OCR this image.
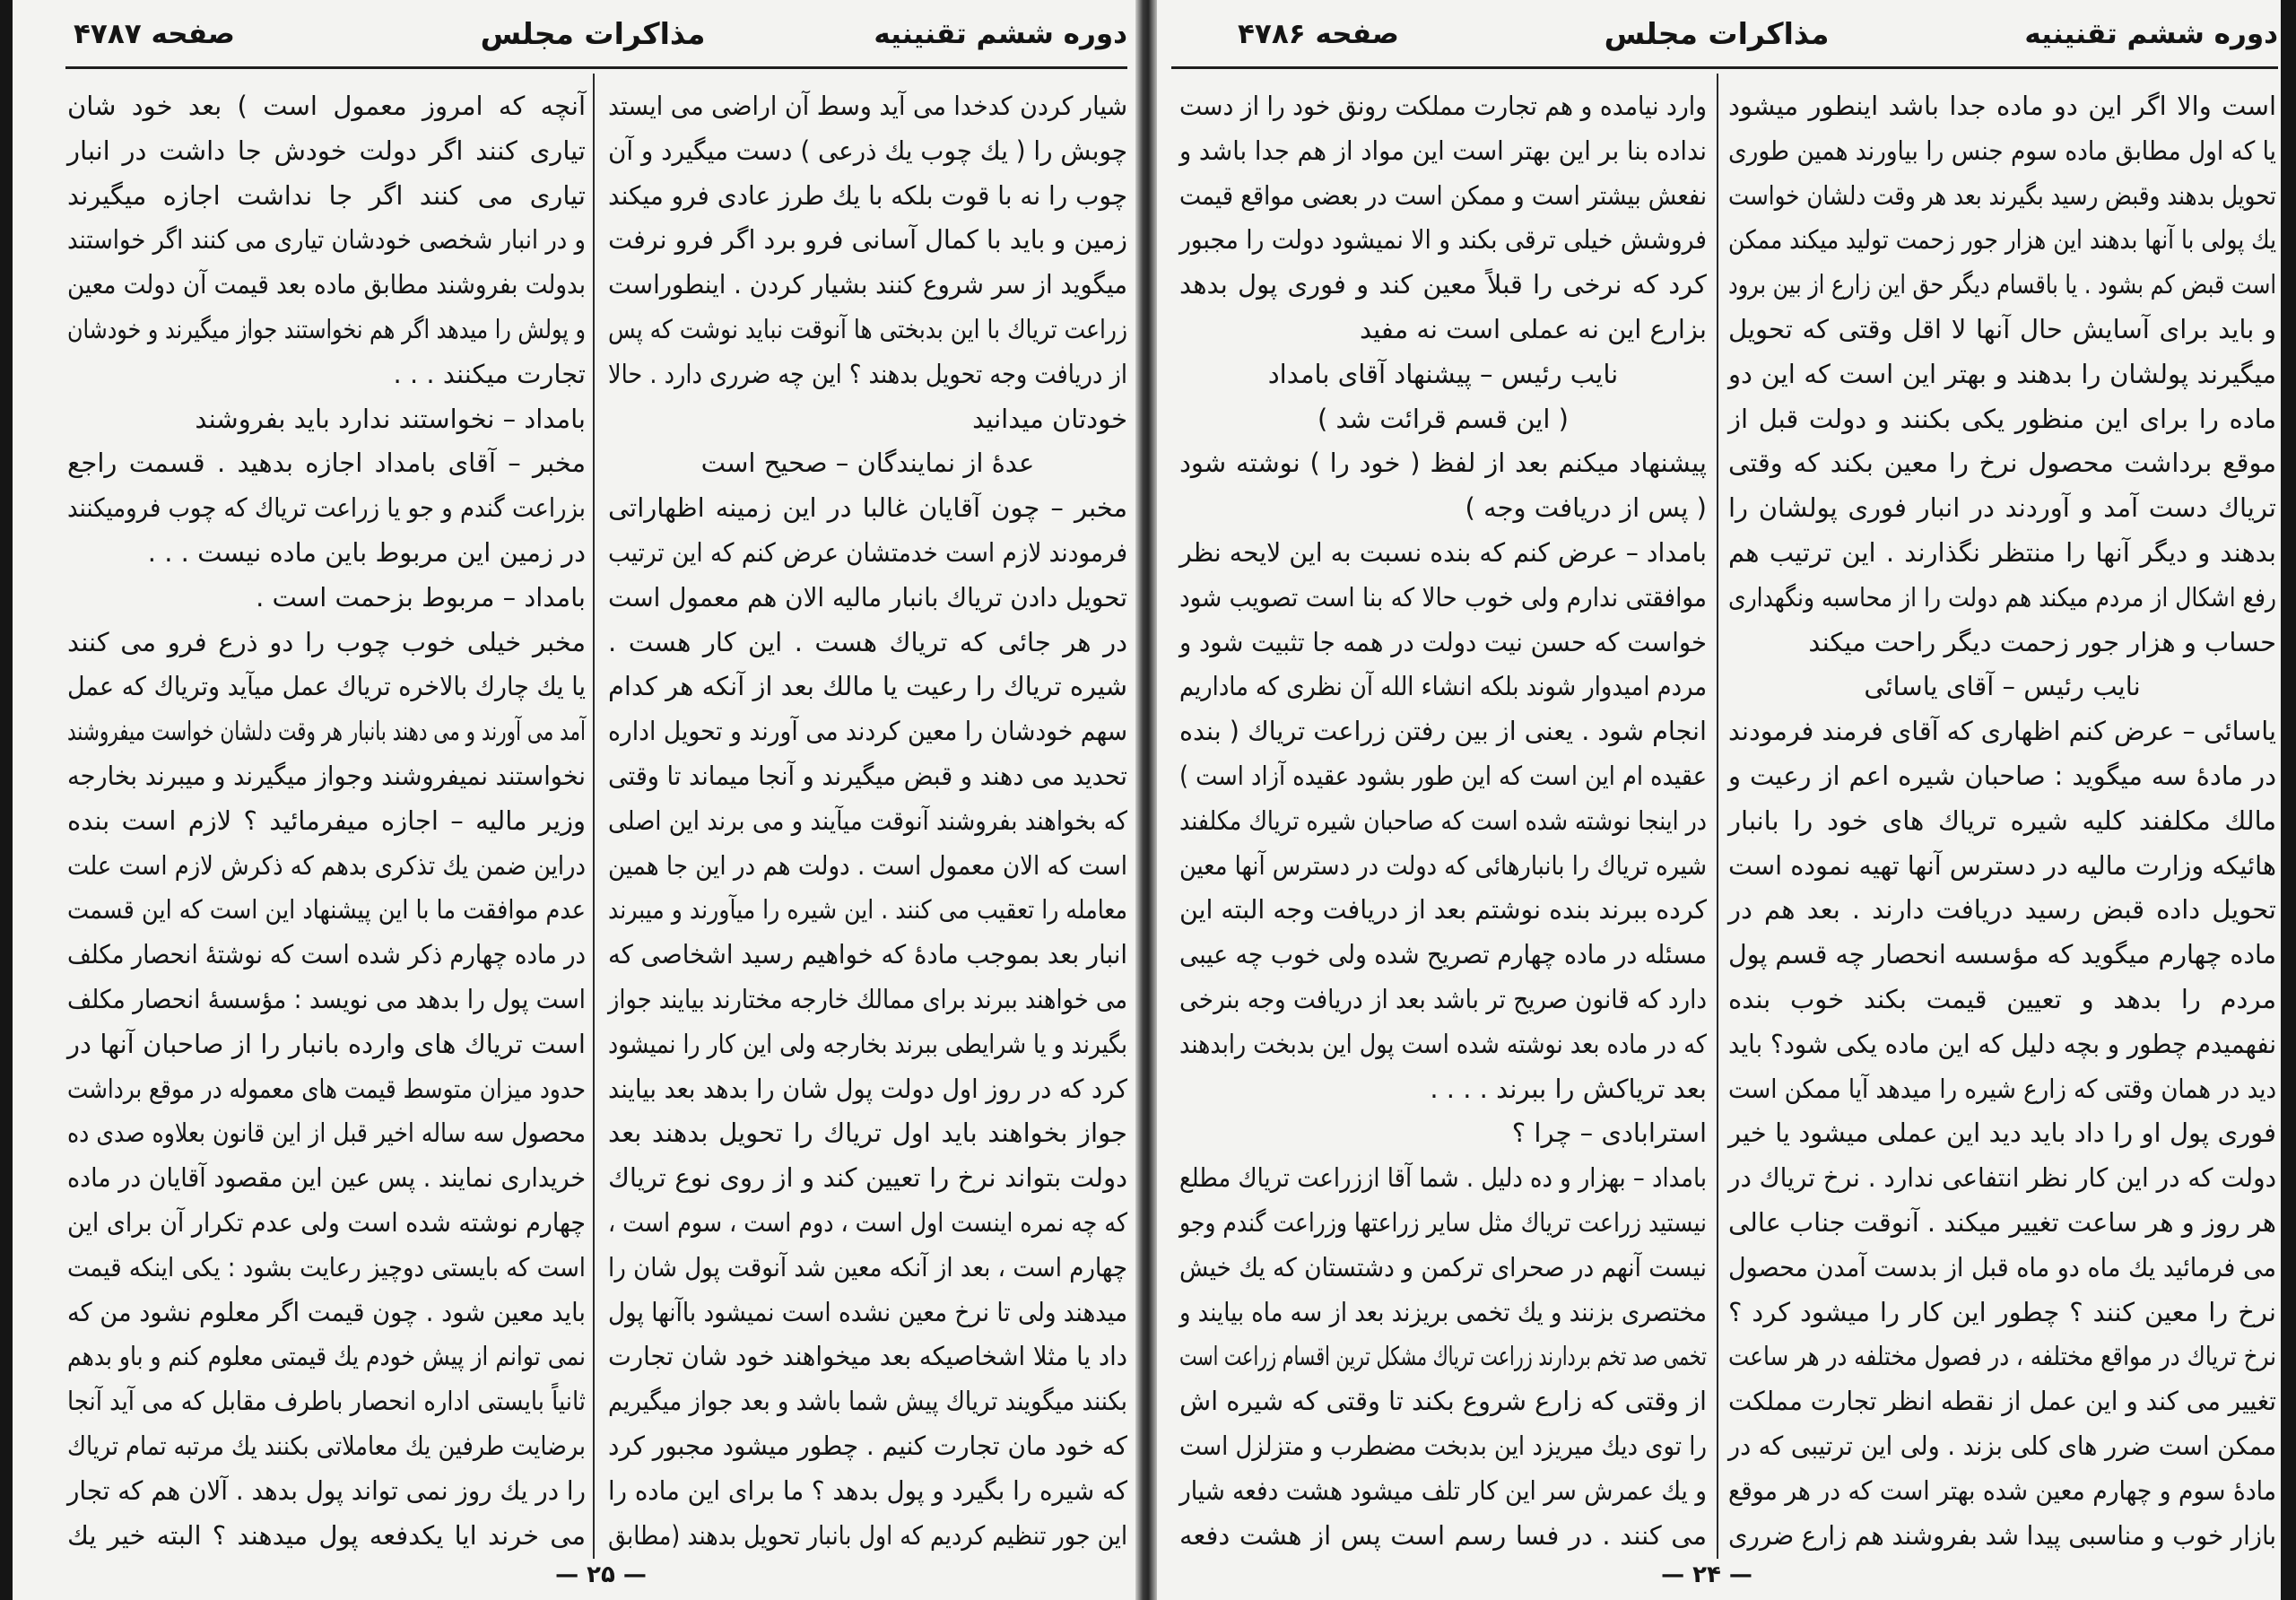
دوره ششم تقنینیه
مذاکرات مجلس
صفحه ۴۷۸۷
شیار کردن کدخدا می آید وسط آن اراضی می ایستد
چوبش را ( یك چوب یك ذرعی ) دست میگیرد و آن
چوب را نه با قوت بلکه با یك طرز عادی فرو میکند
زمین و باید با کمال آسانی فرو برد اگر فرو نرفت
میگوید از سر شروع کنند بشیار کردن . اینطوراست
زراعت تریاك با این بدبختی ها آنوقت نباید نوشت که پس
از دریافت وجه تحویل بدهند ؟ این چه ضرری دارد . حالا
خودتان میدانید
عدهٔ از نمایندگان – صحیح است
مخبر – چون آقایان غالبا در این زمینه اظهاراتی
فرمودند لازم است خدمتشان عرض کنم که این ترتیب
تحویل دادن تریاك بانبار مالیه الان هم معمول است
در هر جائی که تریاك هست . این کار هست .
شیره تریاك را رعیت یا مالك بعد از آنکه هر کدام
سهم خودشان را معین کردند می آورند و تحویل اداره
تحدید می دهند و قبض میگیرند و آنجا میماند تا وقتی
که بخواهند بفروشند آنوقت میآیند و می برند این اصلی
است که الان معمول است . دولت هم در این جا همین
معامله را تعقیب می کنند . این شیره را میآورند و میبرند
انبار بعد بموجب مادهٔ که خواهیم رسید اشخاصی که
می خواهند ببرند برای ممالك خارجه مختارند بیایند جواز
بگیرند و یا شرایطی ببرند بخارجه ولی این کار را نمیشود
کرد که در روز اول دولت پول شان را بدهد بعد بیایند
جواز بخواهند باید اول تریاك را تحویل بدهند بعد
دولت بتواند نرخ را تعیین کند و از روی نوع تریاك
که چه نمره اینست اول است ، دوم است ، سوم است ،
چهارم است ، بعد از آنکه معین شد آنوقت پول شان را
میدهند ولی تا نرخ معین نشده است نمیشود باآنها پول
داد یا مثلا اشخاصیکه بعد میخواهند خود شان تجارت
بکنند میگویند تریاك پیش شما باشد و بعد جواز میگیریم
که خود مان تجارت کنیم . چطور میشود مجبور کرد
که شیره را بگیرد و پول بدهد ؟ ما برای این ماده را
این جور تنظیم کردیم که اول بانبار تحویل بدهند (مطابق
آنچه که امروز معمول است ) بعد خود شان
تیاری کنند اگر دولت خودش جا داشت در انبار
تیاری می کنند اگر جا نداشت اجازه میگیرند
و در انبار شخصی خودشان تیاری می کنند اگر خواستند
بدولت بفروشند مطابق ماده بعد قیمت آن دولت معین
و پولش را میدهد اگر هم نخواستند جواز میگیرند و خودشان
تجارت میکنند . . .
بامداد – نخواستند ندارد باید بفروشند
مخبر – آقای بامداد اجازه بدهید . قسمت راجع
بزراعت گندم و جو یا زراعت تریاك که چوب فرومیکنند
در زمین این مربوط باین ماده نیست . . .
بامداد – مربوط بزحمت است .
مخبر خیلی خوب چوب را دو ذرع فرو می کنند
یا یك چارك بالاخره تریاك عمل میآید وتریاك که عمل
آمد می آورند و می دهند بانبار هر وقت دلشان خواست میفروشند
نخواستند نمیفروشند وجواز میگیرند و میبرند بخارجه
وزیر مالیه – اجازه میفرمائید ؟ لازم است بنده
دراین ضمن یك تذکری بدهم که ذکرش لازم است علت
عدم موافقت ما با این پیشنهاد این است که این قسمت
در ماده چهارم ذکر شده است که نوشتهٔ انحصار مکلف
است پول را بدهد می نویسد : مؤسسهٔ انحصار مکلف
است تریاك های وارده بانبار را از صاحبان آنها در
حدود میزان متوسط قیمت های معموله در موقع برداشت
محصول سه ساله اخیر قبل از این قانون بعلاوه صدی ده
خریداری نمایند . پس عین این مقصود آقایان در ماده
چهارم نوشته شده است ولی عدم تکرار آن برای این
است که بایستی دوچیز رعایت بشود : یکی اینکه قیمت
باید معین شود . چون قیمت اگر معلوم نشود من که
نمی توانم از پیش خودم یك قیمتی معلوم کنم و باو بدهم
ثانیاً بایستی اداره انحصار باطرف مقابل که می آید آنجا
برضایت طرفین یك معاملاتی بکنند یك مرتبه تمام تریاك
را در یك روز نمی تواند پول بدهد . آلان هم که تجار
می خرند ایا یکدفعه پول میدهند ؟ البته خیر یك
— ۲۵ —
دوره ششم تقنینیه
مذاکرات مجلس
صفحه ۴۷۸۶
است والا اگر این دو ماده جدا باشد اینطور میشود
یا که اول مطابق ماده سوم جنس را بیاورند همین طوری
تحویل بدهند وقبض رسید بگیرند بعد هر وقت دلشان خواست
یك پولی با آنها بدهند این هزار جور زحمت تولید میکند ممکن
است قبض کم بشود . یا باقسام دیگر حق این زارع از بین برود
و باید برای آسایش حال آنها لا اقل وقتی که تحویل
میگیرند پولشان را بدهند و بهتر این است که این دو
ماده را برای این منظور یکی بکنند و دولت قبل از
موقع برداشت محصول نرخ را معین بکند که وقتی
تریاك دست آمد و آوردند در انبار فوری پولشان را
بدهند و دیگر آنها را منتظر نگذارند . این ترتیب هم
رفع اشکال از مردم میکند هم دولت را از محاسبه ونگهداری
حساب و هزار جور زحمت دیگر راحت میکند
نایب رئیس – آقای یاسائی
یاسائی – عرض کنم اظهاری که آقای فرمند فرمودند
در مادهٔ سه میگوید : صاحبان شیره اعم از رعیت و
مالك مکلفند کلیه شیره تریاك های خود را بانبار
هائیکه وزارت مالیه در دسترس آنها تهیه نموده است
تحویل داده قبض رسید دریافت دارند . بعد هم در
ماده چهارم میگوید که مؤسسه انحصار چه قسم پول
مردم را بدهد و تعیین قیمت بکند خوب بنده
نفهمیدم چطور و بچه دلیل که این ماده یکی شود؟ باید
دید در همان وقتی که زارع شیره را میدهد آیا ممکن است
فوری پول او را داد باید دید این عملی میشود یا خیر
دولت که در این کار نظر انتفاعی ندارد . نرخ تریاك در
هر روز و هر ساعت تغییر میکند . آنوقت جناب عالی
می فرمائید یك ماه دو ماه قبل از بدست آمدن محصول
نرخ را معین کنند ؟ چطور این کار را میشود کرد ؟
نرخ تریاك در مواقع مختلفه ، در فصول مختلفه در هر ساعت
تغییر می کند و این عمل از نقطه انظر تجارت مملکت
ممکن است ضرر های کلی بزند . ولی این ترتیبی که در
مادهٔ سوم و چهارم معین شده بهتر است که در هر موقع
بازار خوب و مناسبی پیدا شد بفروشند هم زارع ضرری
وارد نیامده و هم تجارت مملکت رونق خود را از دست
نداده بنا بر این بهتر است این مواد از هم جدا باشد و
نفعش بیشتر است و ممکن است در بعضی مواقع قیمت
فروشش خیلی ترقی بکند و الا نمیشود دولت را مجبور
کرد که نرخی را قبلاً معین کند و فوری پول بدهد
بزارع این نه عملی است نه مفید
نایب رئیس – پیشنهاد آقای بامداد
( این قسم قرائت شد )
پیشنهاد میکنم بعد از لفظ ( خود را ) نوشته شود
( پس از دریافت وجه )
بامداد – عرض کنم که بنده نسبت به این لایحه نظر
موافقتی ندارم ولی خوب حالا که بنا است تصویب شود
خواست که حسن نیت دولت در همه جا تثبیت شود و
مردم امیدوار شوند بلکه انشاء الله آن نظری که ماداریم
انجام شود . یعنی از بین رفتن زراعت تریاك ( بنده
عقیده ام این است که این طور بشود عقیده آزاد است )
در اینجا نوشته شده است که صاحبان شیره تریاك مکلفند
شیره تریاك را بانبارهائی که دولت در دسترس آنها معین
کرده ببرند بنده نوشتم بعد از دریافت وجه البته این
مسئله در ماده چهارم تصریح شده ولی خوب چه عیبی
دارد که قانون صریح تر باشد بعد از دریافت وجه بنرخی
که در ماده بعد نوشته شده است پول این بدبخت رابدهند
بعد تریاکش را ببرند . . . .
استرابادی – چرا ؟
بامداد – بهزار و ده دلیل . شما آقا اززراعت تریاك مطلع
نیستید زراعت تریاك مثل سایر زراعتها وزراعت گندم وجو
نیست آنهم در صحرای ترکمن و دشتستان که یك خیش
مختصری بزنند و یك تخمی بریزند بعد از سه ماه بیایند و
تخمی صد تخم بردارند زراعت تریاك مشکل ترین اقسام زراعت است
از وقتی که زارع شروع بکند تا وقتی که شیره اش
را توی دیك میریزد این بدبخت مضطرب و متزلزل است
و یك عمرش سر این کار تلف میشود هشت دفعه شیار
می کنند . در فسا رسم است پس از هشت دفعه
— ۲۴ —
